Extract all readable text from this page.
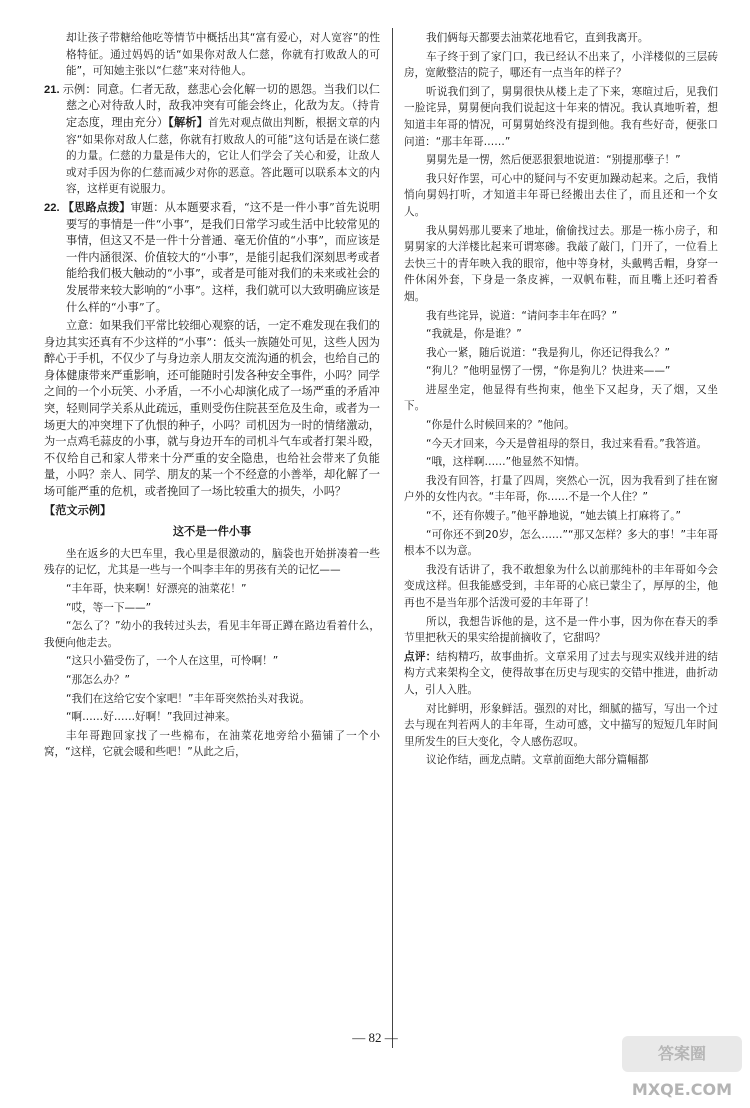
却让孩子带糖给他吃等情节中概括出其“富有爱心，对人宽容”的性格特征。通过妈妈的话“如果你对敌人仁慈，你就有打败敌人的可能”，可知她主张以“仁慈”来对待他人。

21. 示例：同意。仁者无敌，慈悲心会化解一切的恩怨。当我们以仁慈之心对待敌人时，敌我冲突有可能会终止，化敌为友。（持肯定态度，理由充分）【解析】首先对观点做出判断，根据文章的内容“如果你对敌人仁慈，你就有打败敌人的可能”这句话是在谈仁慈的力量。仁慈的力量是伟大的，它让人们学会了关心和爱，让敌人或对手因为你的仁慈而减少对你的恶意。答此题可以联系本文的内容，这样更有说服力。

22. 【思路点拨】审题：从本题要求看，“这不是一件小事”首先说明要写的事情是一件“小事”，是我们日常学习或生活中比较常见的事情，但这又不是一件十分普通、毫无价值的“小事”，而应该是一件内涵很深、价值较大的“小事”，是能引起我们深刻思考或者能给我们极大触动的“小事”，或者是可能对我们的未来或社会的发展带来较大影响的“小事”。这样，我们就可以大致明确应该是什么样的“小事”了。

立意：如果我们平常比较细心观察的话，一定不难发现在我们的身边其实还真有不少这样的“小事”：低头一族随处可见，这些人因为醉心于手机，不仅少了与身边亲人朋友交流沟通的机会，也给自己的身体健康带来严重影响，还可能随时引发各种安全事件，小吗？同学之间的一个小玩笑、小矛盾，一不小心却演化成了一场严重的矛盾冲突，轻则同学关系从此疏远，重则受伤住院甚至危及生命，或者为一场更大的冲突埋下了仇恨的种子，小吗？司机因为一时的情绪激动，为一点鸡毛蒜皮的小事，就与身边开车的司机斗气车或者打架斗殴，不仅给自己和家人带来十分严重的安全隐患，也给社会带来了负能量，小吗？亲人、同学、朋友的某一个不经意的小善举，却化解了一场可能严重的危机，或者挽回了一场比较重大的损失，小吗？

【范文示例】

这不是一件小事

坐在返乡的大巴车里，我心里是很激动的，脑袋也开始拼凑着一些残存的记忆，尤其是一些与一个叫李丰年的男孩有关的记忆——

“丰年哥，快来啊！好漂亮的油菜花！”

“哎，等一下——”

“怎么了？”幼小的我转过头去，看见丰年哥正蹲在路边看着什么，我便向他走去。

“这只小猫受伤了，一个人在这里，可怜啊！”

“那怎么办？”

“我们在这给它安个家吧！”丰年哥突然抬头对我说。

“啊……好……好啊！”我回过神来。

丰年哥跑回家找了一些棉布，在油菜花地旁给小猫铺了一个小窝，“这样，它就会暖和些吧！”从此之后，

我们俩每天都要去油菜花地看它，直到我离开。

车子终于到了家门口，我已经认不出来了，小洋楼似的三层砖房，宽敞整洁的院子，哪还有一点当年的样子？

听说我们到了，舅舅很快从楼上走了下来，寒暄过后，见我们一脸诧异，舅舅便向我们说起这十年来的情况。我认真地听着，想知道丰年哥的情况，可舅舅始终没有提到他。我有些好奇，便张口问道：“那丰年哥……”

舅舅先是一愣，然后便恶狠狠地说道：“别提那孽子！”

我只好作罢，可心中的疑问与不安更加躁动起来。之后，我悄悄向舅妈打听，才知道丰年哥已经搬出去住了，而且还和一个女人。

我从舅妈那儿要来了地址，偷偷找过去。那是一栋小房子，和舅舅家的大洋楼比起来可谓寒碜。我敲了敲门，门开了，一位看上去快三十的青年映入我的眼帘，他中等身材，头戴鸭舌帽，身穿一件休闲外套，下身是一条皮裤，一双帆布鞋，而且嘴上还叼着香烟。

我有些诧异，说道：“请问李丰年在吗？”

“我就是，你是谁？”

我心一紧，随后说道：“我是狗儿，你还记得我么？”

“狗儿？”他明显愣了一愣，“你是狗儿？快进来——”

进屋坐定，他显得有些拘束，他坐下又起身，天了烟，又坐下。

“你是什么时候回来的？”他问。

“今天才回来，今天是曾祖母的祭日，我过来看看。”我答道。

“哦，这样啊……”他显然不知情。

我没有回答，打量了四周，突然心一沉，因为我看到了挂在窗户外的女性内衣。“丰年哥，你……不是一个人住？”

“不，还有你嫂子。”他平静地说，“她去镇上打麻将了。”

“可你还不到20岁，怎么……”“那又怎样？多大的事！”丰年哥根本不以为意。

我没有话讲了，我不敢想象为什么以前那纯朴的丰年哥如今会变成这样。但我能感受到，丰年哥的心底已蒙尘了，厚厚的尘，他再也不是当年那个活泼可爱的丰年哥了！

所以，我想告诉他的是，这不是一件小事，因为你在春天的季节里把秋天的果实给提前摘收了，它甜吗？

点评：结构精巧，故事曲折。文章采用了过去与现实双线并进的结构方式来架构全文，使得故事在历史与现实的交错中推进，曲折动人，引人入胜。

对比鲜明，形象鲜活。强烈的对比，细腻的描写，写出一个过去与现在判若两人的丰年哥，生动可感，文中描写的短短几年时间里所发生的巨大变化，令人感伤忍叹。

议论作结，画龙点睛。文章前面绝大部分篇幅都

— 82 —
答案圈 MXQE.COM
